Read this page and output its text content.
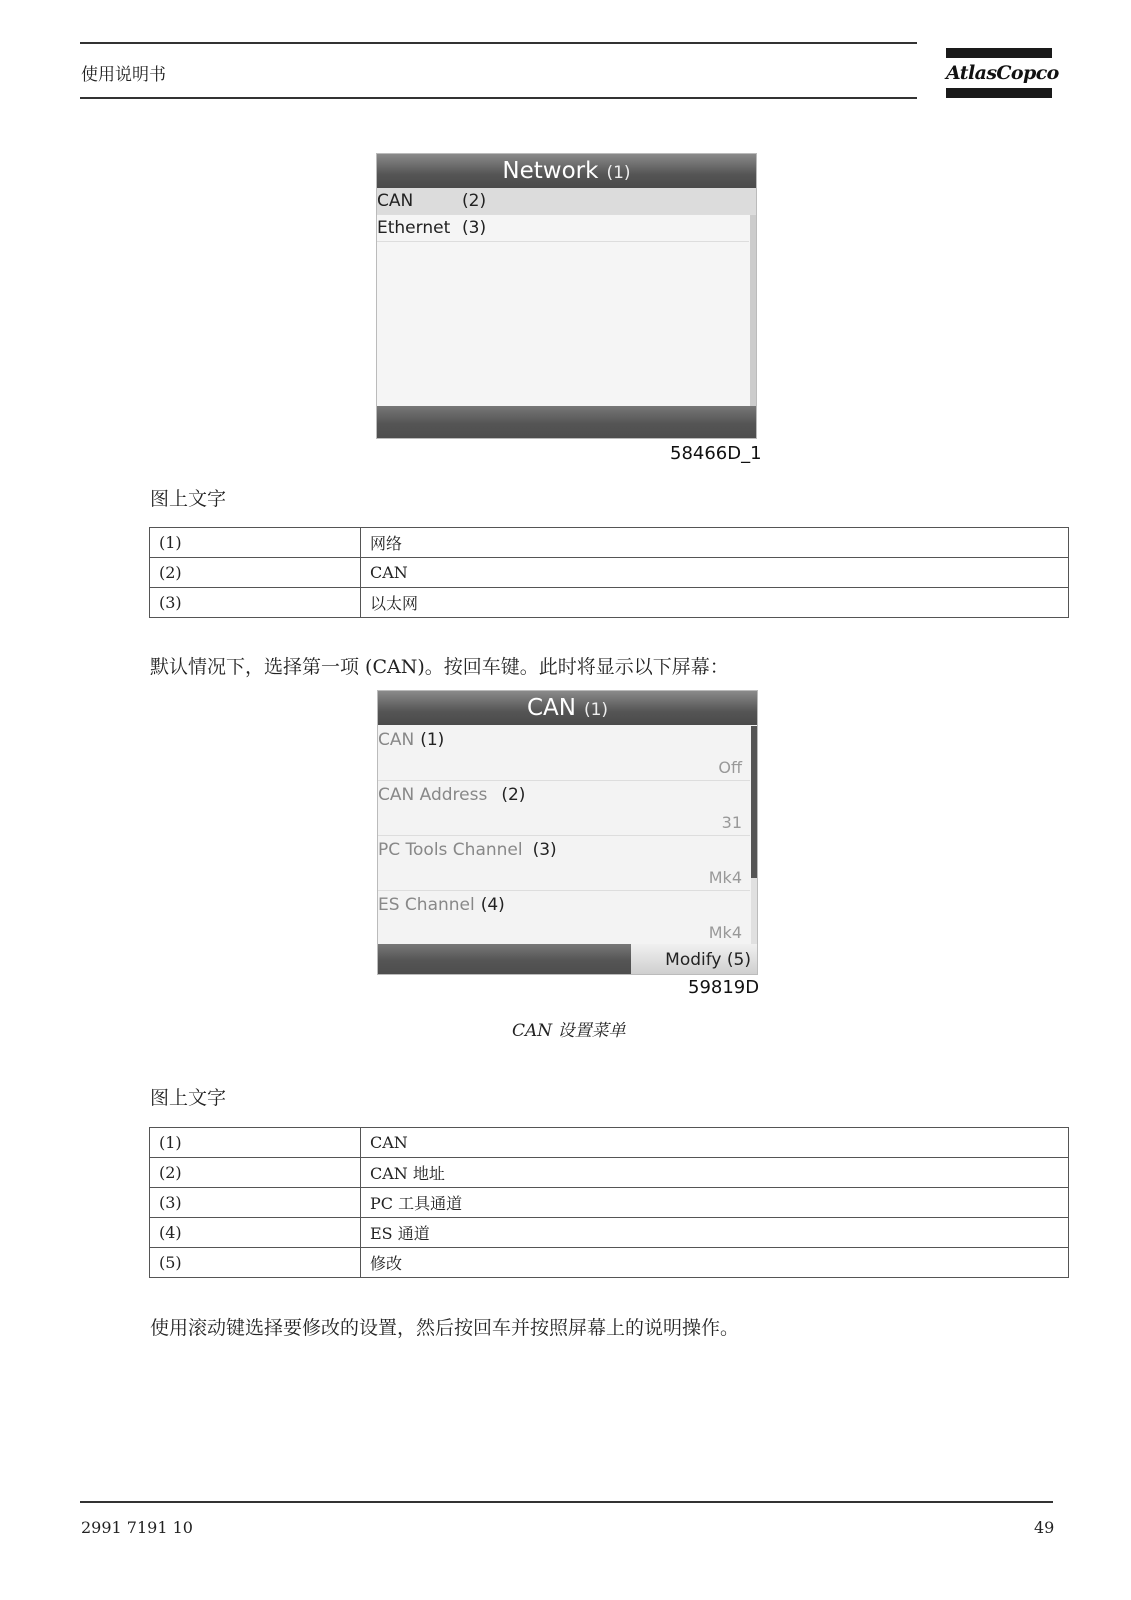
使用说明书	AtlasCopco
Network (1)
CAN	(2)
Ethernet (3)
58466D_1
图上文字
(1)	网络
(2)	CAN
(3)	以太网
默认情况下，选择第一项 (CAN)。按回车键。此时将显示以下屏幕：
CAN (1)
CAN (1)
Off
CAN Address (2)
31
PC Tools Channel (3)
Mk4
ES Channel (4)
Mk4
Modify (5)
59819D
CAN 设置菜单
图上文字
(1)	CAN
(2)	CAN 地址
(3)	PC 工具通道
(4)	ES 通道
(5)	修改
使用滚动键选择要修改的设置，然后按回车并按照屏幕上的说明操作。
2991 7191 10	49
